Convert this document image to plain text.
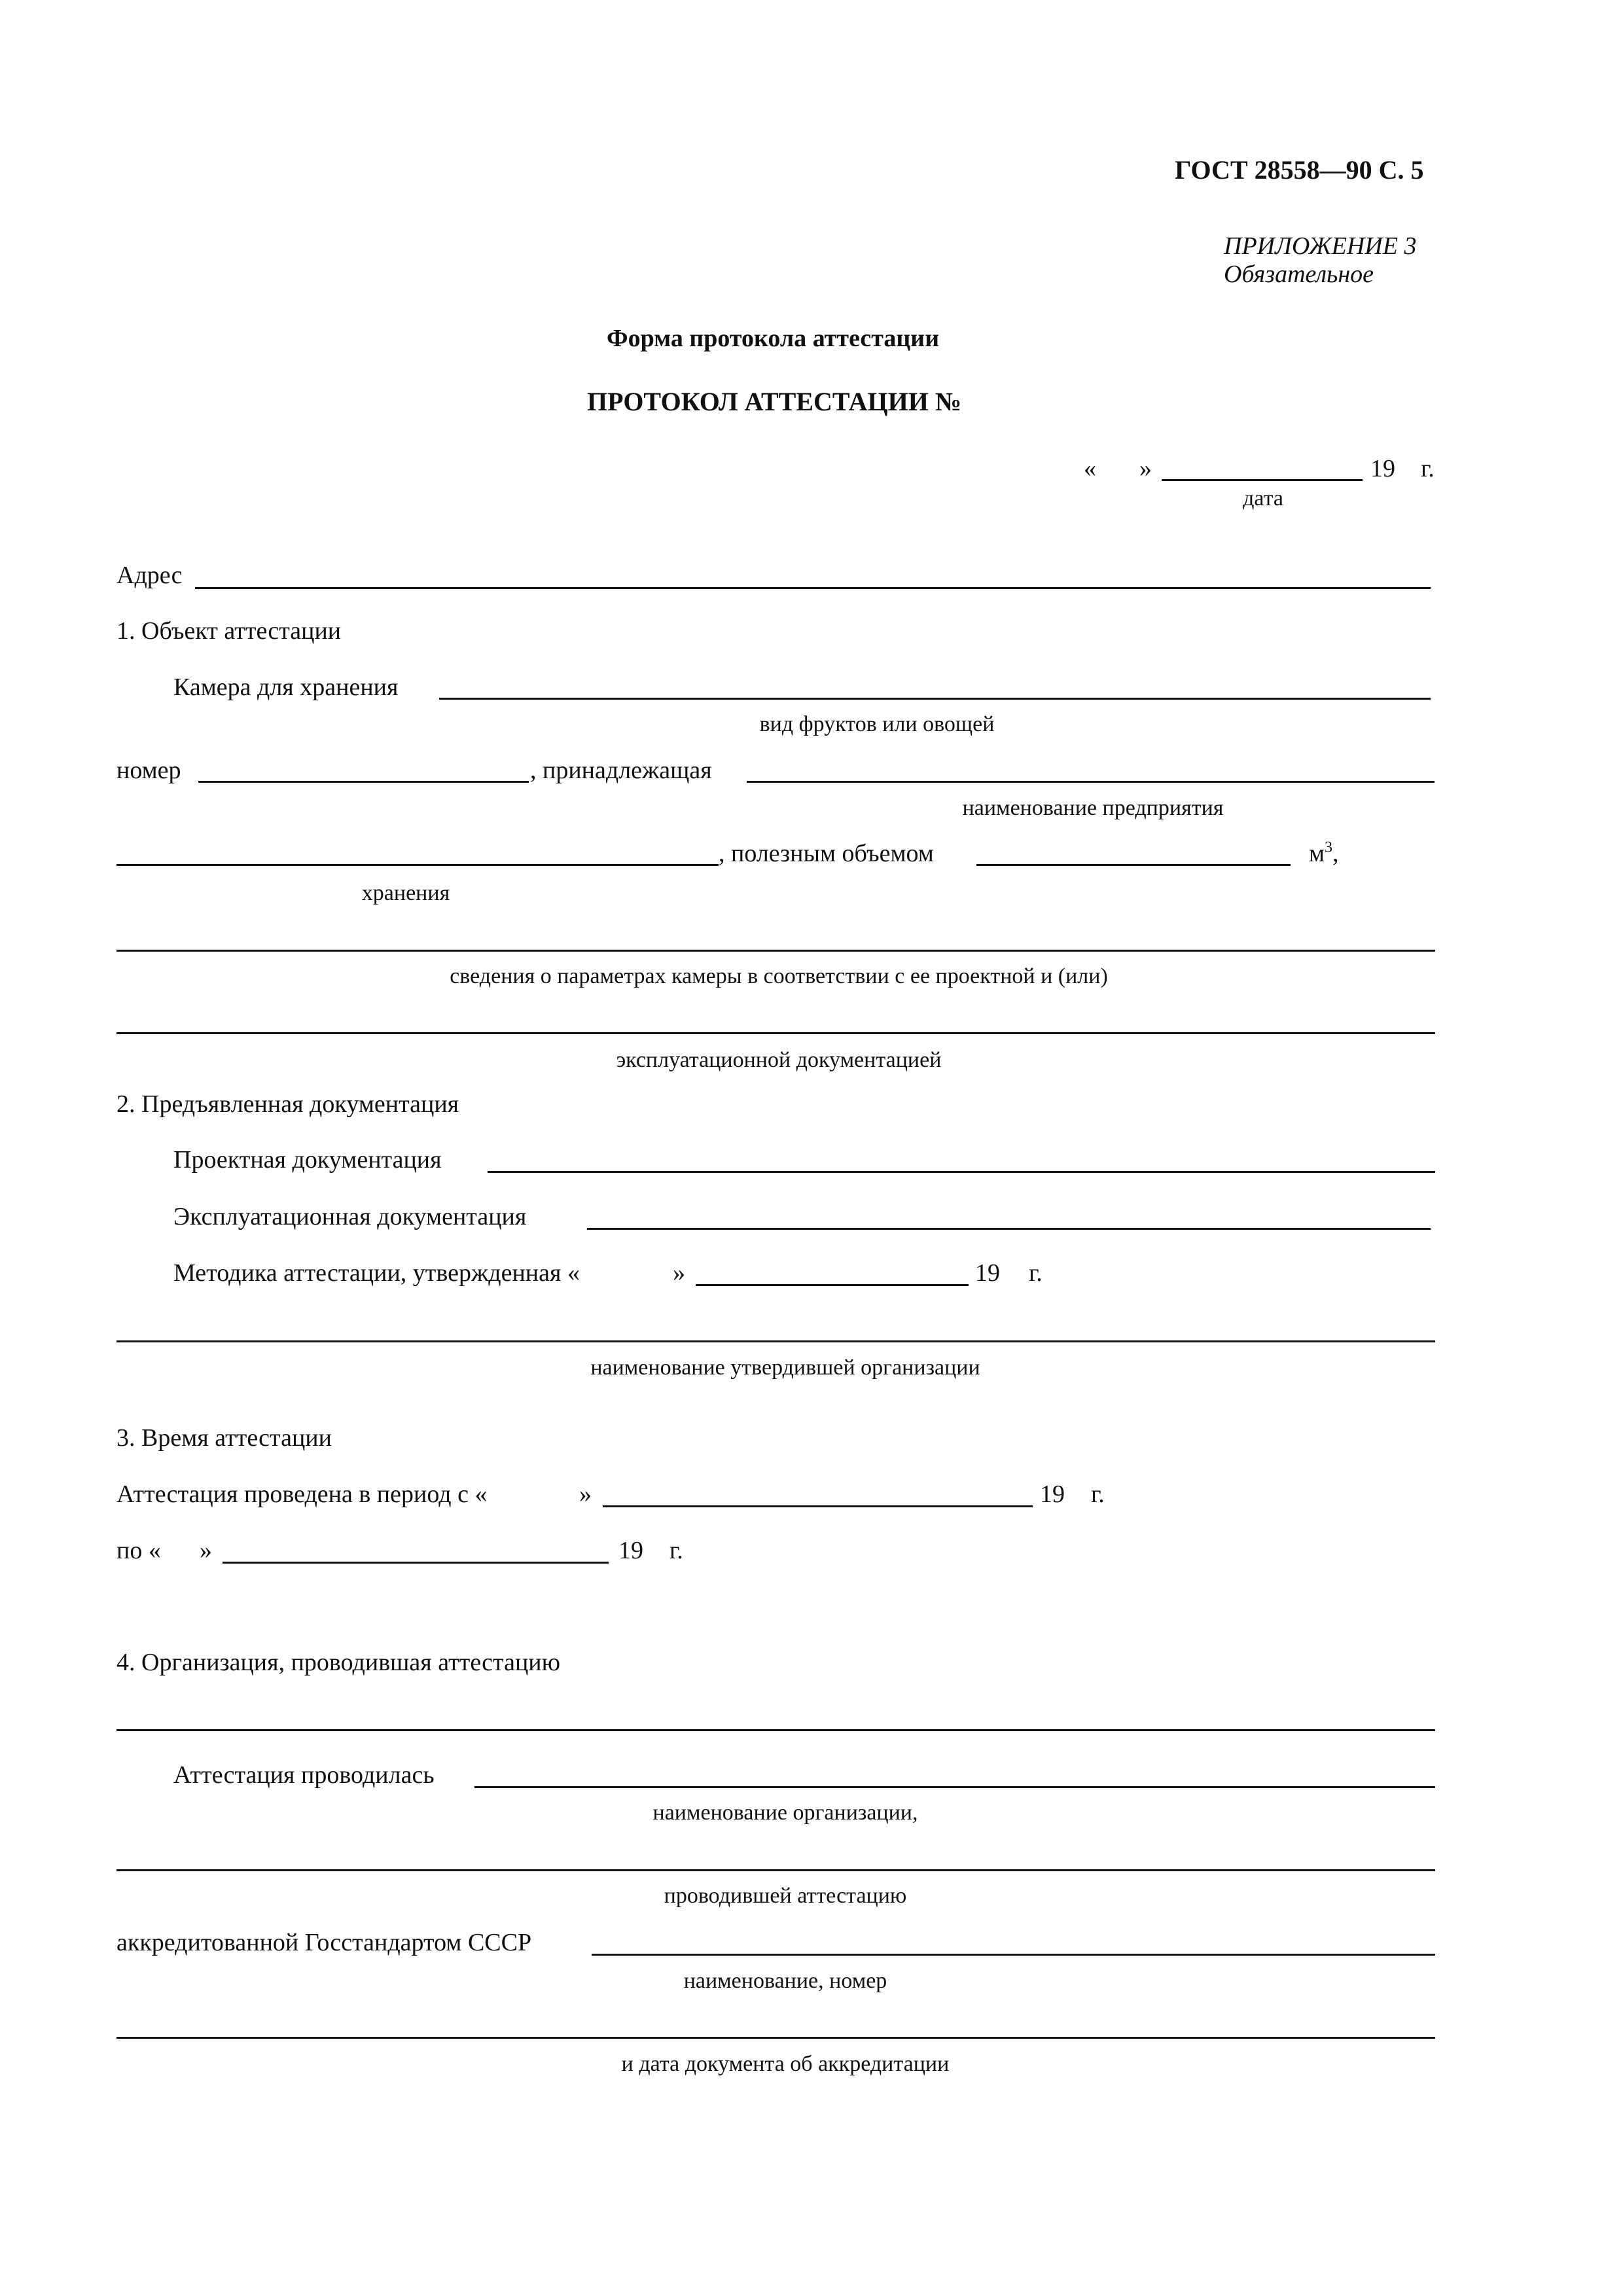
ГОСТ 28558—90 С. 5
ПРИЛОЖЕНИЕ 3
Обязательное
Форма протокола аттестации
ПРОТОКОЛ АТТЕСТАЦИИ №
« »	19 г.
дата
Адрес
1. Объект аттестации
Камера для хранения
вид фруктов или овощей
номер	, принадлежащая
наименование предприятия
, полезным объемом	$м^3$,
хранения
сведения о параметрах камеры в соответствии с ее проектной и (или)
эксплуатационной документацией
2. Предъявленная документация
Проектная документация
Эксплуатационная документация
Методика аттестации, утвержденная «	»	19 г.
наименование утвердившей организации
3. Время аттестации
Аттестация проведена в период с «	»	19 г.
по « »	19 г.
4. Организация, проводившая аттестацию
Аттестация проводилась
наименование организации,
проводившей аттестацию
аккредитованной Госстандартом СССР
наименование, номер
и дата документа об аккредитации
